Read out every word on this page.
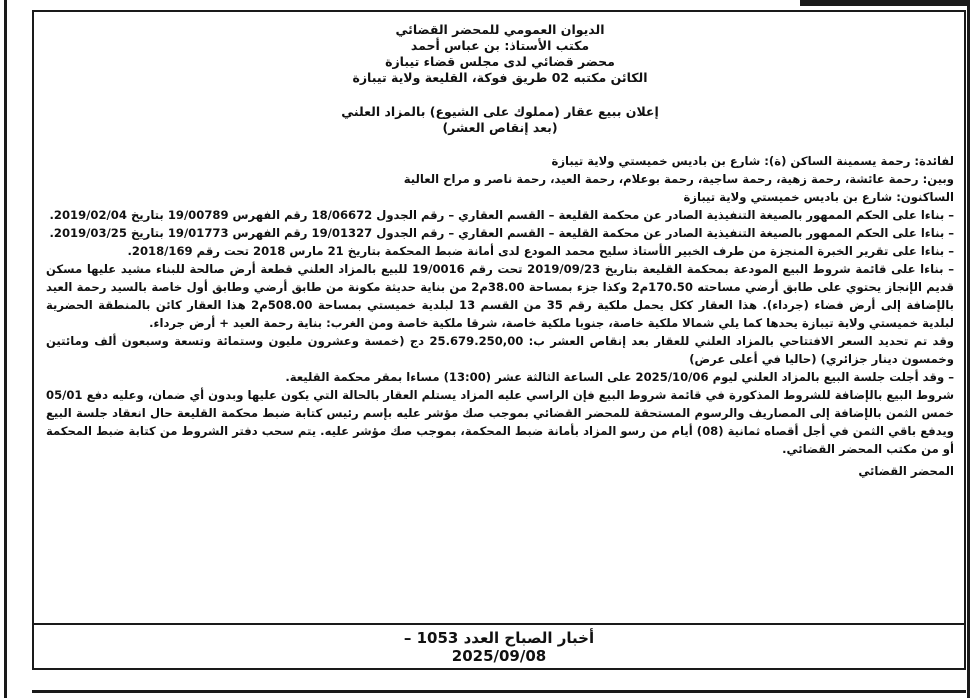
الديوان العمومي للمحضر القضائي
مكتب الأستاذ: بن عباس أحمد
محضر قضائي لدى مجلس قضاء تيبازة
الكائن مكتبه 02 طريق فوكة، القليعة ولاية تيبازة
إعلان ببيع عقار (مملوك على الشيوع) بالمزاد العلني
(بعد إنقاص العشر)

لفائدة: رحمة يسمينة الساكن (ة): شارع بن باديس خميستي ولاية تيبازة

وبين: رحمة عائشة، رحمة زهية، رحمة ساجية، رحمة بوعلام، رحمة العيد، رحمة ناصر و مراح العالية

الساكنون: شارع بن باديس خميستي ولاية تيبازة

– بناءا على الحكم الممهور بالصيغة التنفيذية الصادر عن محكمة القليعة – القسم العقاري – رقم الجدول 18/06672 رقم الفهرس 19/00789 بتاريخ 2019/02/04.

– بناءا على الحكم الممهور بالصيغة التنفيذية الصادر عن محكمة القليعة – القسم العقاري – رقم الجدول 19/01327 رقم الفهرس 19/01773 بتاريخ 2019/03/25.

– بناءا على تقرير الخبرة المنجزة من طرف الخبير الأستاذ سليح محمد المودع لدى أمانة ضبط المحكمة بتاريخ 21 مارس 2018 تحت رقم 2018/169.

– بناءا على قائمة شروط البيع المودعة بمحكمة القليعة بتاريخ 2019/09/23 تحت رقم 19/0016 للبيع بالمزاد العلني قطعة أرض صالحة للبناء مشيد عليها مسكن قديم الإنجاز يحتوي على طابق أرضي مساحته 170.50م2 وكذا جزء بمساحة 38.00م2 من بناية حديثة مكونة من طابق أرضي وطابق أول خاصة بالسيد رحمة العيد بالإضافة إلى أرض فضاء (جرداء). هذا العقار ككل يحمل ملكية رقم 35 من القسم 13 لبلدية خميستي بمساحة 508.00م2 هذا العقار كائن بالمنطقة الحضرية لبلدية خميستي ولاية تيبازة يحدها كما يلي شمالا ملكية خاصة، جنوبا ملكية خاصة، شرقا ملكية خاصة ومن الغرب: بناية رحمة العيد + أرض جرداء.

وقد تم تحديد السعر الافتتاحي بالمزاد العلني للعقار بعد إنقاص العشر ب: 25.679.250,00 دج (خمسة وعشرون مليون وستمائة وتسعة وسبعون ألف ومائتين وخمسون دينار جزائري) (حاليا في أعلى عرض)

– وقد أجلت جلسة البيع بالمزاد العلني ليوم 2025/10/06 على الساعة الثالثة عشر (13:00) مساءا بمقر محكمة القليعة.

شروط البيع بالإضافة للشروط المذكورة في قائمة شروط البيع فإن الراسي عليه المزاد يستلم العقار بالحالة التي يكون عليها وبدون أي ضمان، وعليه دفع 05/01 خمس الثمن بالإضافة إلى المصاريف والرسوم المستحقة للمحضر القضائي بموجب صك مؤشر عليه بإسم رئيس كتابة ضبط محكمة القليعة حال انعقاد جلسة البيع ويدفع باقي الثمن في أجل أقصاه ثمانية (08) أيام من رسو المزاد بأمانة ضبط المحكمة، بموجب صك مؤشر عليه. يتم سحب دفتر الشروط من كتابة ضبط المحكمة أو من مكتب المحضر القضائي.

المحضر القضائي
أخبار الصباح العدد 1053 –
2025/09/08
